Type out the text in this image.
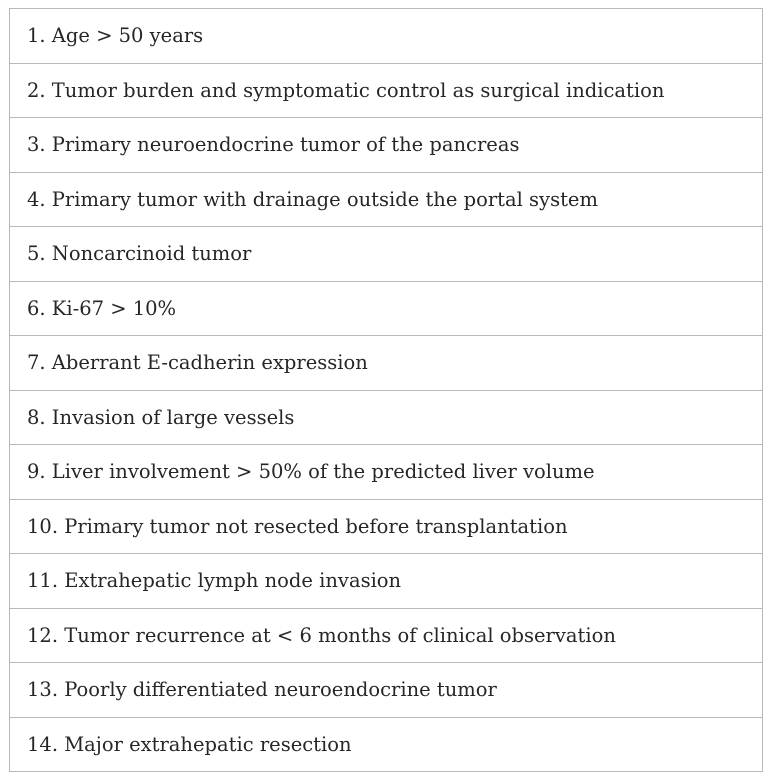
1. Age > 50 years
2. Tumor burden and symptomatic control as surgical indication
3. Primary neuroendocrine tumor of the pancreas
4. Primary tumor with drainage outside the portal system
5. Noncarcinoid tumor
6. Ki-67 > 10%
7. Aberrant E-cadherin expression
8. Invasion of large vessels
9. Liver involvement > 50% of the predicted liver volume
10. Primary tumor not resected before transplantation
11. Extrahepatic lymph node invasion
12. Tumor recurrence at < 6 months of clinical observation
13. Poorly differentiated neuroendocrine tumor
14. Major extrahepatic resection
